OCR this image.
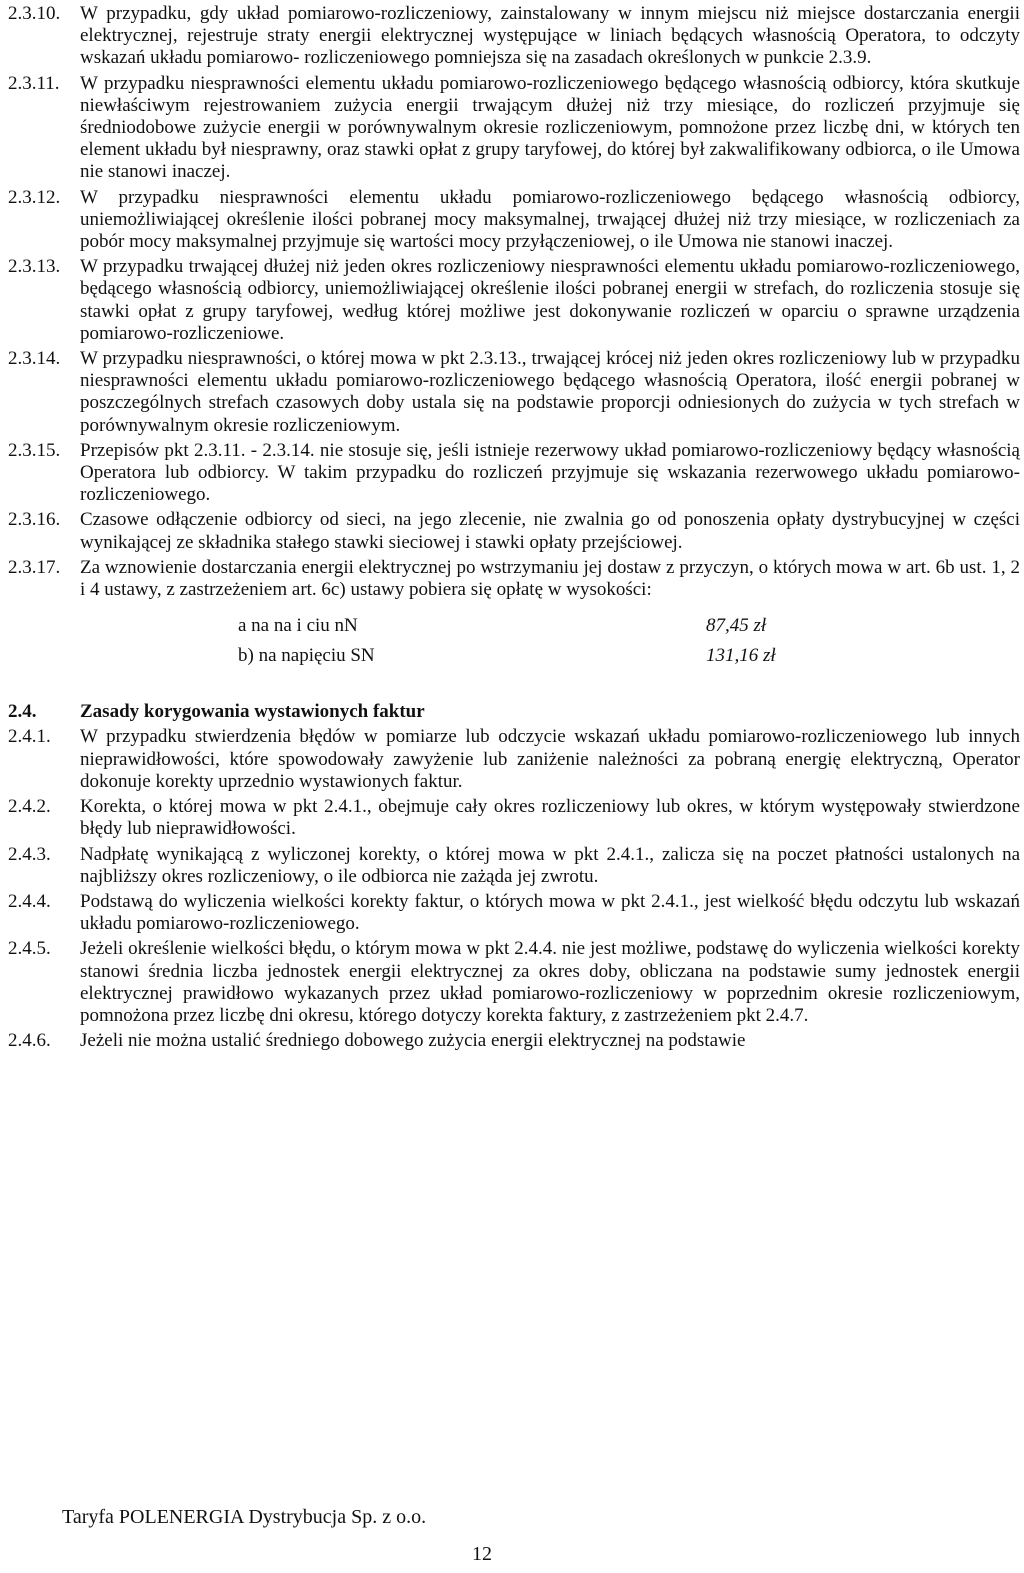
2.3.10. W przypadku, gdy układ pomiarowo-rozliczeniowy, zainstalowany w innym miejscu niż miejsce dostarczania energii elektrycznej, rejestruje straty energii elektrycznej występujące w liniach będących własnością Operatora, to odczyty wskazań układu pomiarowo- rozliczeniowego pomniejsza się na zasadach określonych w punkcie 2.3.9.
2.3.11. W przypadku niesprawności elementu układu pomiarowo-rozliczeniowego będącego własnością odbiorcy, która skutkuje niewłaściwym rejestrowaniem zużycia energii trwającym dłużej niż trzy miesiące, do rozliczeń przyjmuje się średniodobowe zużycie energii w porównywalnym okresie rozliczeniowym, pomnożone przez liczbę dni, w których ten element układu był niesprawny, oraz stawki opłat z grupy taryfowej, do której był zakwalifikowany odbiorca, o ile Umowa nie stanowi inaczej.
2.3.12. W przypadku niesprawności elementu układu pomiarowo-rozliczeniowego będącego własnością odbiorcy, uniemożliwiającej określenie ilości pobranej mocy maksymalnej, trwającej dłużej niż trzy miesiące, w rozliczeniach za pobór mocy maksymalnej przyjmuje się wartości mocy przyłączeniowej, o ile Umowa nie stanowi inaczej.
2.3.13. W przypadku trwającej dłużej niż jeden okres rozliczeniowy niesprawności elementu układu pomiarowo-rozliczeniowego, będącego własnością odbiorcy, uniemożliwiającej określenie ilości pobranej energii w strefach, do rozliczenia stosuje się stawki opłat z grupy taryfowej, według której możliwe jest dokonywanie rozliczeń w oparciu o sprawne urządzenia pomiarowo-rozliczeniowe.
2.3.14. W przypadku niesprawności, o której mowa w pkt 2.3.13., trwającej krócej niż jeden okres rozliczeniowy lub w przypadku niesprawności elementu układu pomiarowo-rozliczeniowego będącego własnością Operatora, ilość energii pobranej w poszczególnych strefach czasowych doby ustala się na podstawie proporcji odniesionych do zużycia w tych strefach w porównywalnym okresie rozliczeniowym.
2.3.15. Przepisów pkt 2.3.11. - 2.3.14. nie stosuje się, jeśli istnieje rezerwowy układ pomiarowo-rozliczeniowy będący własnością Operatora lub odbiorcy. W takim przypadku do rozliczeń przyjmuje się wskazania rezerwowego układu pomiarowo-rozliczeniowego.
2.3.16. Czasowe odłączenie odbiorcy od sieci, na jego zlecenie, nie zwalnia go od ponoszenia opłaty dystrybucyjnej w części wynikającej ze składnika stałego stawki sieciowej i stawki opłaty przejściowej.
2.3.17. Za wznowienie dostarczania energii elektrycznej po wstrzymaniu jej dostaw z przyczyn, o których mowa w art. 6b ust. 1, 2 i 4 ustawy, z zastrzeżeniem art. 6c) ustawy pobiera się opłatę w wysokości:
a na na i ciu nN	87,45 zł
b) na napięciu SN	131,16 zł
2.4. Zasady korygowania wystawionych faktur
2.4.1. W przypadku stwierdzenia błędów w pomiarze lub odczycie wskazań układu pomiarowo-rozliczeniowego lub innych nieprawidłowości, które spowodowały zawyżenie lub zaniżenie należności za pobraną energię elektryczną, Operator dokonuje korekty uprzednio wystawionych faktur.
2.4.2. Korekta, o której mowa w pkt 2.4.1., obejmuje cały okres rozliczeniowy lub okres, w którym występowały stwierdzone błędy lub nieprawidłowości.
2.4.3. Nadpłatę wynikającą z wyliczonej korekty, o której mowa w pkt 2.4.1., zalicza się na poczet płatności ustalonych na najbliższy okres rozliczeniowy, o ile odbiorca nie zażąda jej zwrotu.
2.4.4. Podstawą do wyliczenia wielkości korekty faktur, o których mowa w pkt 2.4.1., jest wielkość błędu odczytu lub wskazań układu pomiarowo-rozliczeniowego.
2.4.5. Jeżeli określenie wielkości błędu, o którym mowa w pkt 2.4.4. nie jest możliwe, podstawę do wyliczenia wielkości korekty stanowi średnia liczba jednostek energii elektrycznej za okres doby, obliczana na podstawie sumy jednostek energii elektrycznej prawidłowo wykazanych przez układ pomiarowo-rozliczeniowy w poprzednim okresie rozliczeniowym, pomnożona przez liczbę dni okresu, którego dotyczy korekta faktury, z zastrzeżeniem pkt 2.4.7.
2.4.6. Jeżeli nie można ustalić średniego dobowego zużycia energii elektrycznej na podstawie
Taryfa POLENERGIA Dystrybucja Sp. z o.o.
12
